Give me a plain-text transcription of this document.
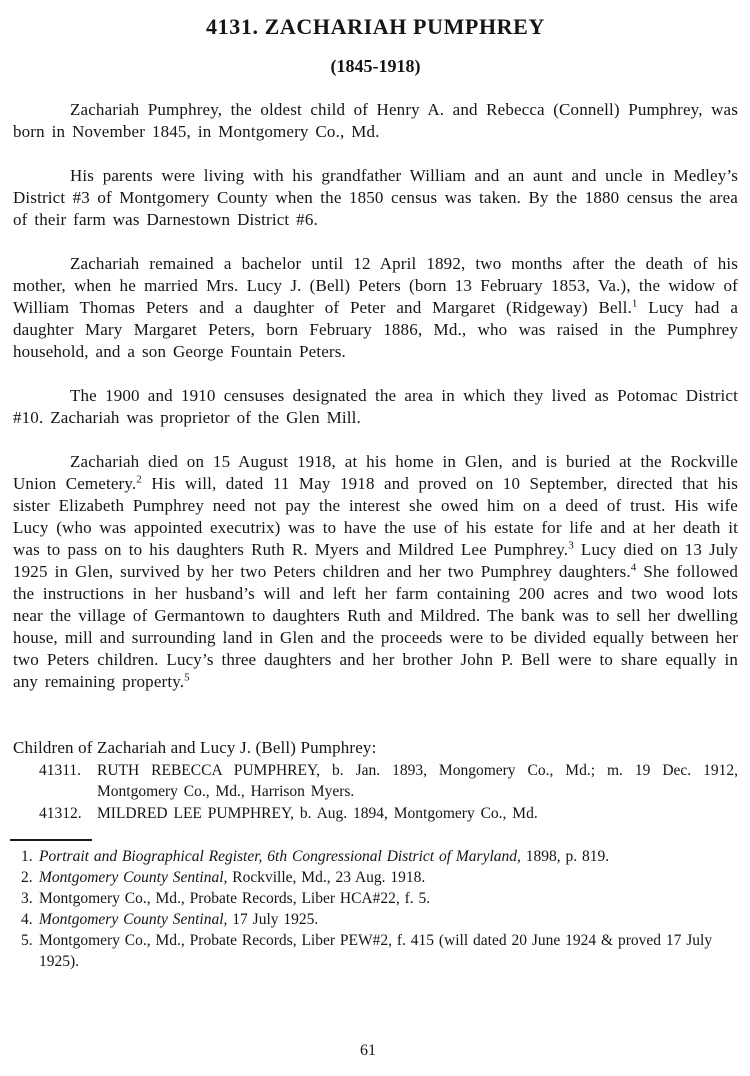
4131. ZACHARIAH PUMPHREY
(1845-1918)

Zachariah Pumphrey, the oldest child of Henry A. and Rebecca (Connell) Pumphrey, was born in November 1845, in Montgomery Co., Md.

His parents were living with his grandfather William and an aunt and uncle in Medley’s District #3 of Montgomery County when the 1850 census was taken. By the 1880 census the area of their farm was Darnestown District #6.

Zachariah remained a bachelor until 12 April 1892, two months after the death of his mother, when he married Mrs. Lucy J. (Bell) Peters (born 13 February 1853, Va.), the widow of William Thomas Peters and a daughter of Peter and Margaret (Ridgeway) Bell.$^1$ Lucy had a daughter Mary Margaret Peters, born February 1886, Md., who was raised in the Pumphrey household, and a son George Fountain Peters.

The 1900 and 1910 censuses designated the area in which they lived as Potomac District #10. Zachariah was proprietor of the Glen Mill.

Zachariah died on 15 August 1918, at his home in Glen, and is buried at the Rockville Union Cemetery.$^2$ His will, dated 11 May 1918 and proved on 10 September, directed that his sister Elizabeth Pumphrey need not pay the interest she owed him on a deed of trust. His wife Lucy (who was appointed executrix) was to have the use of his estate for life and at her death it was to pass on to his daughters Ruth R. Myers and Mildred Lee Pumphrey.$^3$ Lucy died on 13 July 1925 in Glen, survived by her two Peters children and her two Pumphrey daughters.$^4$ She followed the instructions in her husband’s will and left her farm containing 200 acres and two wood lots near the village of Germantown to daughters Ruth and Mildred. The bank was to sell her dwelling house, mill and surrounding land in Glen and the proceeds were to be divided equally between her two Peters children. Lucy’s three daughters and her brother John P. Bell were to share equally in any remaining property.$^5$

Children of Zachariah and Lucy J. (Bell) Pumphrey:
41311.	RUTH REBECCA PUMPHREY, b. Jan. 1893, Mongomery Co., Md.; m. 19 Dec. 1912, Montgomery Co., Md., Harrison Myers.
41312. MILDRED LEE PUMPHREY, b. Aug. 1894, Montgomery Co., Md.
1. Portrait and Biographical Register, 6th Congressional District of Maryland, 1898, p. 819.
2. Montgomery County Sentinal, Rockville, Md., 23 Aug. 1918.
3. Montgomery Co., Md., Probate Records, Liber HCA#22, f. 5.
4. Montgomery County Sentinal, 17 July 1925.
5. Montgomery Co., Md., Probate Records, Liber PEW#2, f. 415 (will dated 20 June 1924 & proved 17 July 1925).
61
